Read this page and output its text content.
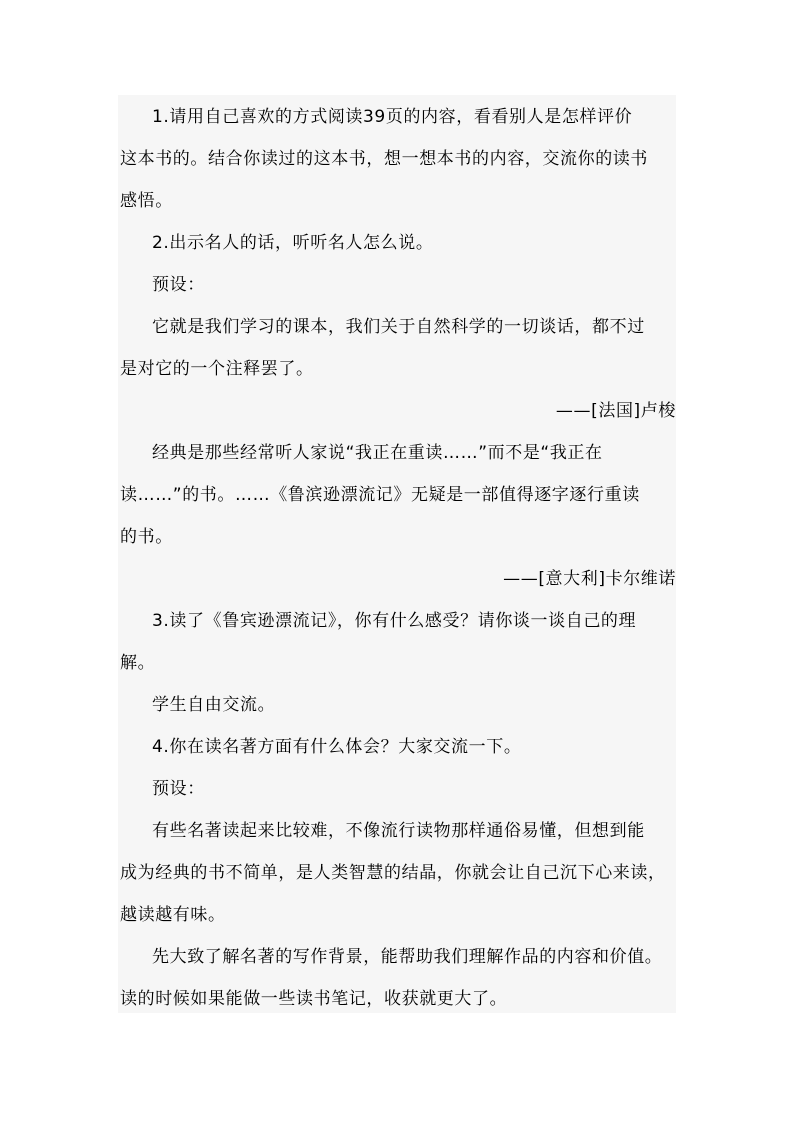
1.请用自己喜欢的方式阅读39页的内容，看看别人是怎样评价
这本书的。结合你读过的这本书，想一想本书的内容，交流你的读书
感悟。
2.出示名人的话，听听名人怎么说。
预设：
它就是我们学习的课本，我们关于自然科学的一切谈话，都不过
是对它的一个注释罢了。
——[法国]卢梭
经典是那些经常听人家说“我正在重读……”而不是“我正在
读……”的书。……《鲁滨逊漂流记》无疑是一部值得逐字逐行重读
的书。
——[意大利]卡尔维诺
3.读了《鲁宾逊漂流记》，你有什么感受？请你谈一谈自己的理
解。
学生自由交流。
4.你在读名著方面有什么体会？大家交流一下。
预设：
有些名著读起来比较难，不像流行读物那样通俗易懂，但想到能
成为经典的书不简单，是人类智慧的结晶，你就会让自己沉下心来读，
越读越有味。
先大致了解名著的写作背景，能帮助我们理解作品的内容和价值。
读的时候如果能做一些读书笔记，收获就更大了。
